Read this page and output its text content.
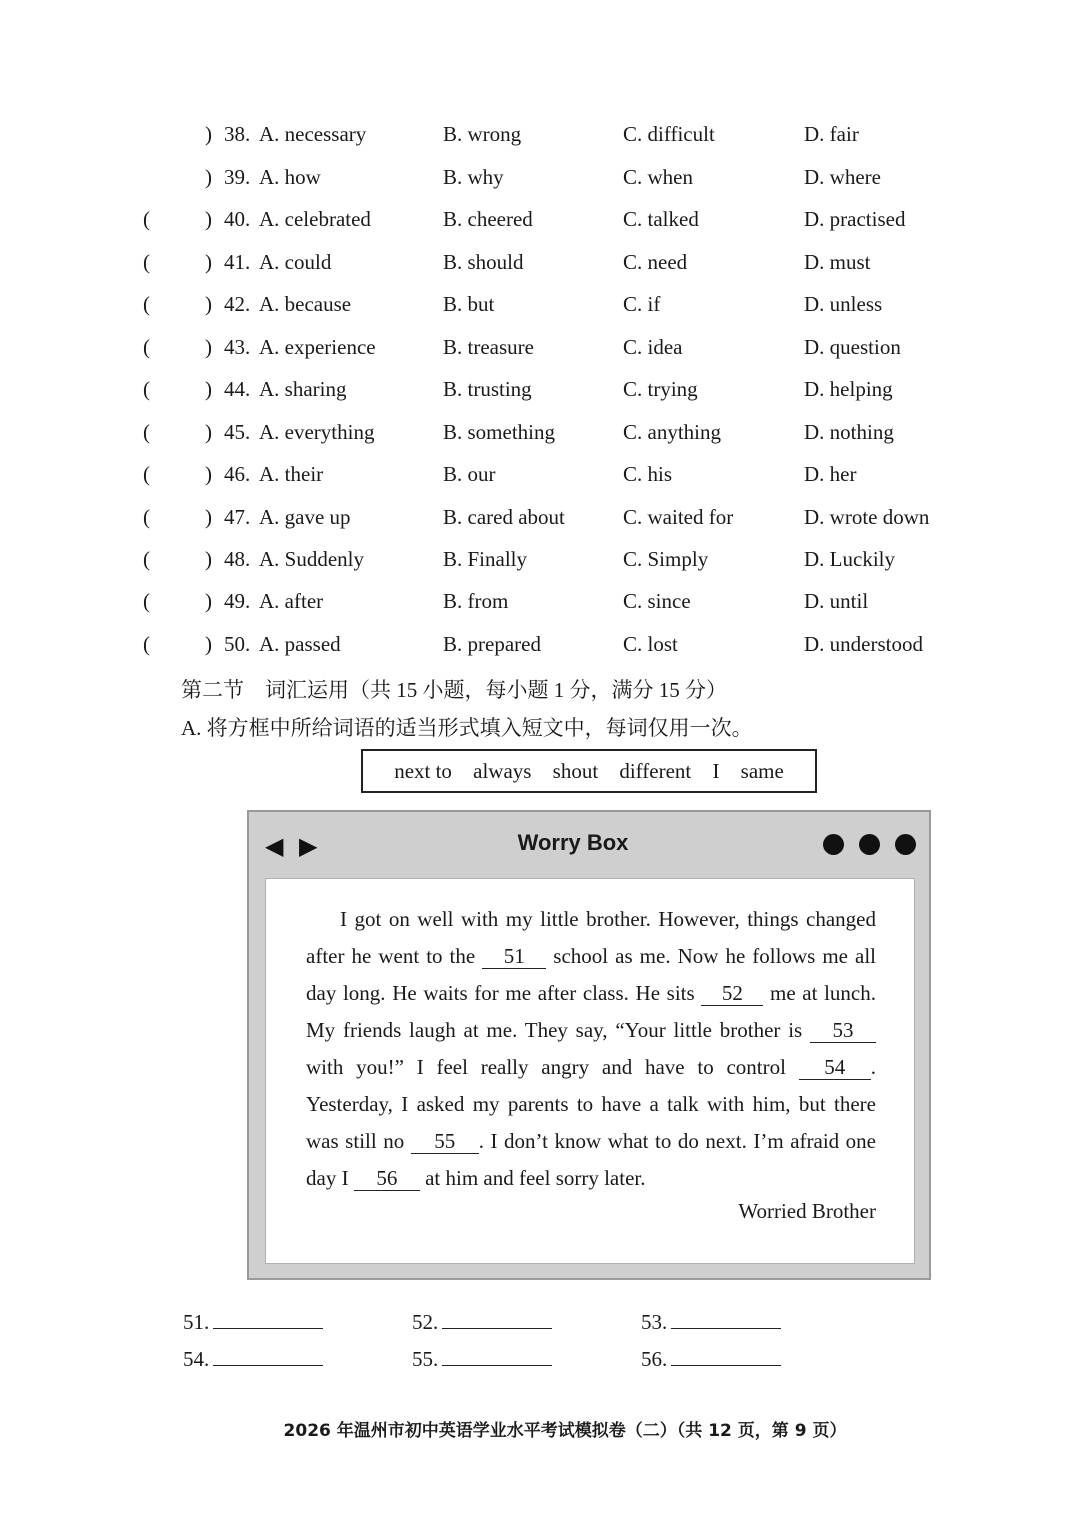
) 38. A. necessary	B. wrong	C. difficult	D. fair
) 39. A. how	B. why	C. when	D. where
(	) 40. A. celebrated	B. cheered	C. talked	D. practised
(	) 41. A. could	B. should	C. need	D. must
(	) 42. A. because	B. but	C. if	D. unless
(	) 43. A. experience	B. treasure	C. idea	D. question
(	) 44. A. sharing	B. trusting	C. trying	D. helping
(	) 45. A. everything	B. something	C. anything	D. nothing
(	) 46. A. their	B. our	C. his	D. her
(	) 47. A. gave up	B. cared about	C. waited for	D. wrote down
(	) 48. A. Suddenly	B. Finally	C. Simply	D. Luckily
(	) 49. A. after	B. from	C. since	D. until
(	) 50. A. passed	B. prepared	C. lost	D. understood
第二节　词汇运用（共 15 小题，每小题 1 分，满分 15 分）
A. 将方框中所给词语的适当形式填入短文中，每词仅用一次。
next to always shout different I same
◀ ▶	Worry Box

I got on well with my little brother. However, things changed after he went to the 51 school as me. Now he follows me all day long. He waits for me after class. He sits 52 me at lunch. My friends laugh at me. They say, “Your little brother is 53 with you!” I feel really angry and have to control 54 . Yesterday, I asked my parents to have a talk with him, but there was still no 55 . I don’t know what to do next. I’m afraid one day I 56 at him and feel sorry later.

Worried Brother
51.	52.	53.
54.	55.	56.
2026 年温州市初中英语学业水平考试模拟卷（二）（共 12 页，第 9 页）
